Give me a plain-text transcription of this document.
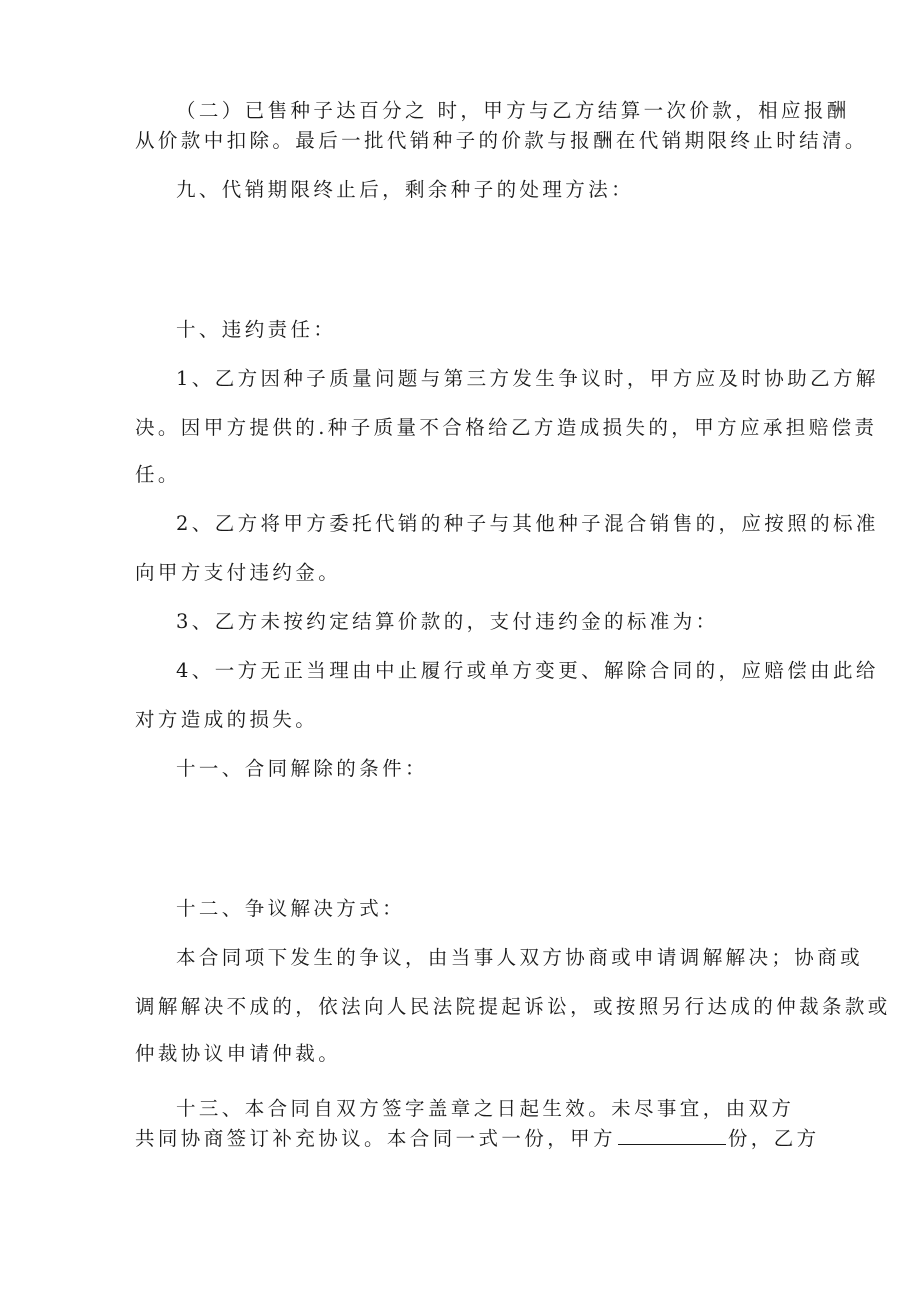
（二）已售种子达百分之 时，甲方与乙方结算一次价款，相应报酬
从价款中扣除。最后一批代销种子的价款与报酬在代销期限终止时结清。
九、代销期限终止后，剩余种子的处理方法：
十、违约责任：
1、乙方因种子质量问题与第三方发生争议时，甲方应及时协助乙方解
决。因甲方提供的.种子质量不合格给乙方造成损失的，甲方应承担赔偿责
任。
2、乙方将甲方委托代销的种子与其他种子混合销售的，应按照的标准
向甲方支付违约金。
3、乙方未按约定结算价款的，支付违约金的标准为：
4、一方无正当理由中止履行或单方变更、解除合同的，应赔偿由此给
对方造成的损失。
十一、合同解除的条件：
十二、争议解决方式：
本合同项下发生的争议，由当事人双方协商或申请调解解决；协商或
调解解决不成的，依法向人民法院提起诉讼，或按照另行达成的仲裁条款或
仲裁协议申请仲裁。
十三、本合同自双方签字盖章之日起生效。未尽事宜，由双方
共同协商签订补充协议。本合同一式一份，甲方	份，乙方
